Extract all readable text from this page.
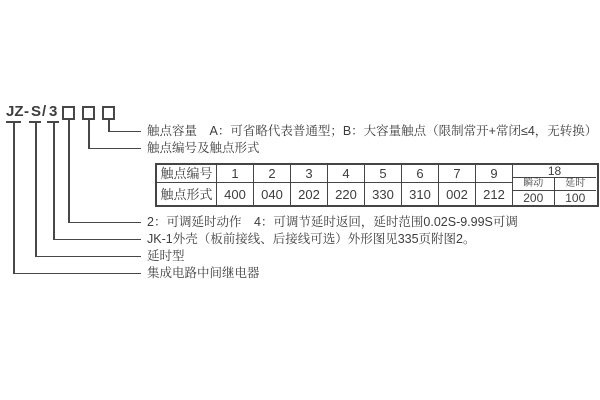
JZ - S / 3
触点容量　A：可省略代表普通型；B：大容量触点（限制常开+常闭≤4，无转换）
触点编号及触点形式
2：可调延时动作　4：可调节延时返回，延时范围0.02S-9.99S可调
JK-1外壳（板前接线、后接线可选）外形图见335页附图2。
延时型
集成电路中间继电器
触点编号
触点形式
1
400
2
040
3
202
4
220
5
330
6
310
7
002
9
212
18
瞬动	延时
200	100
